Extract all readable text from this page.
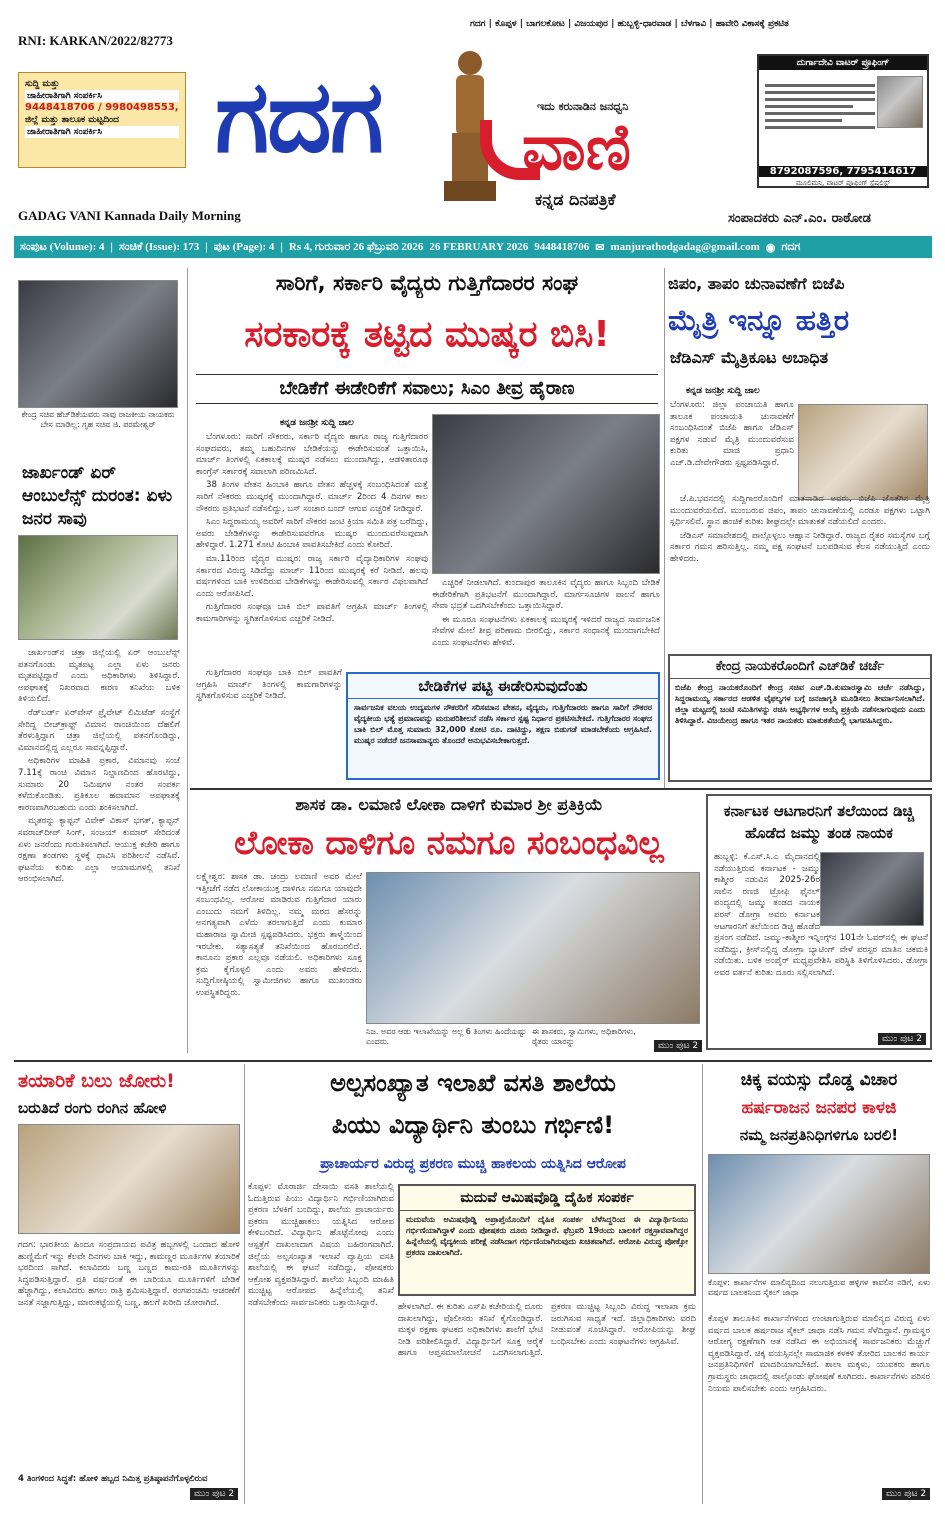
RNI: KARKAN/2022/82773
ಗದಗ | ಕೊಪ್ಪಳ | ಬಾಗಲಕೋಟ | ವಿಜಯಪುರ | ಹುಬ್ಬಳ್ಳಿ-ಧಾರವಾಡ | ಬೆಳಗಾವಿ | ಹಾವೇರಿ ವಿಕಾಸಕ್ಕೆ ಪ್ರಕಟಿತ
ಸುದ್ದಿ ಮತ್ತು
ಜಾಹೀರಾತಿಗಾಗಿ ಸಂಪರ್ಕಿಸಿ
9448418706 / 9980498553,
ಜಿಲ್ಲೆ ಮತ್ತು ತಾಲೂಕ ಮಟ್ಟದಿಂದ
ಜಾಹೀರಾತಿಗಾಗಿ ಸಂಪರ್ಕಿಸಿ	ಗದಗ	ಇದು ಕರುನಾಡಿನ ಜನಧ್ವನಿ
ವಾಣಿ
ಕನ್ನಡ ದಿನಪತ್ರಿಕೆ
ದುರ್ಗಾದೇವಿ ವಾಟರ್ ಪ್ರೂಫಿಂಗ್
8792087596, 7795414617
ಮೂಲಿಮನಿ, ವಾಟರ್ ಪ್ರೂಫಿಂಗ್ ಸ್ಪೆಷಲಿಸ್ಟ್
GADAG VANI Kannada Daily Morning	ಸಂಪಾದಕರು ಎನ್.ಎಂ. ರಾಠೋಡ
ಸಂಪುಟ (Volume): 4 | ಸಂಚಿಕೆ (Issue): 173 | ಪುಟ (Page): 4 | Rs 4, ಗುರುವಾರ 26 ಫೆಬ್ರುವರಿ 2026 26 FEBRUARY 2026 9448418706 ✉ manjurathodgadag@gmail.com ◉ ಗದಗ
ಕೇಂದ್ರ ಸಚಿವ ಹೆಚ್‌ಡಿಕೆಯವರು ನಾವು ರಾಜಕೀಯ ನಾಯಕರು ಬೇಸ ಮಾಡಿಲ್ಲ: ಗೃಹ ಸಚಿವ ಜಿ. ಪರಮೇಶ್ವರ್
ಜಾರ್ಖಂಡ್ ಏರ್ ಆಂಬುಲೆನ್ಸ್ ದುರಂತ: ಏಳು ಜನರ ಸಾವು

ಜಾರ್ಖಂಡ್‌ನ ಚತ್ರಾ ಜಿಲ್ಲೆಯಲ್ಲಿ ಏರ್ ಆಂಬುಲೆನ್ಸ್ ಪತನಗೊಂಡು ಮೃತಪಟ್ಟ ಎಲ್ಲಾ ಏಳು ಜನರು ಮೃತಪಟ್ಟಿದ್ದಾರೆ ಎಂದು ಅಧಿಕಾರಿಗಳು ತಿಳಿಸಿದ್ದಾರೆ. ಅಪಘಾತಕ್ಕೆ ನಿಖರವಾದ ಕಾರಣ ತನಿಖೆಯ ಬಳಿಕ ತಿಳಿಯಲಿದೆ.

ರೆಡ್‌ಬರ್ಡ್ ಏರ್‌ವೇಸ್ ಪ್ರೈವೇಟ್ ಲಿಮಿಟೆಡ್ ಸಂಸ್ಥೆಗೆ ಸೇರಿದ್ದ ಬೀಚ್‌ಕ್ರಾಫ್ಟ್ ವಿಮಾನ ರಾಂಚಿಯಿಂದ ದೆಹಲಿಗೆ ತೆರಳುತ್ತಿದ್ದಾಗ ಚತ್ರಾ ಜಿಲ್ಲೆಯಲ್ಲಿ ಪತನಗೊಂಡಿದ್ದು, ವಿಮಾನದಲ್ಲಿದ್ದ ಎಲ್ಲರೂ ಸಾವನ್ನಪ್ಪಿದ್ದಾರೆ.

ಅಧಿಕಾರಿಗಳ ಮಾಹಿತಿ ಪ್ರಕಾರ, ವಿಮಾನವು ಸಂಜೆ 7.11ಕ್ಕೆ ರಾಂಚಿ ವಿಮಾನ ನಿಲ್ದಾಣದಿಂದ ಹೊರಟಿದ್ದು, ಸುಮಾರು 20 ನಿಮಿಷಗಳ ನಂತರ ಸಂಪರ್ಕ ಕಳೆದುಕೊಂಡಿತು. ಪ್ರತಿಕೂಲ ಹವಾಮಾನ ಅಪಘಾತಕ್ಕೆ ಕಾರಣವಾಗಿರಬಹುದು ಎಂದು ಶಂಕಿಸಲಾಗಿದೆ.

ಮೃತರನ್ನು ಕ್ಯಾಪ್ಟನ್ ವಿವೇಕ್ ವಿಕಾಸ್ ಭಗತ್, ಕ್ಯಾಪ್ಟನ್ ಸವರಾಜ್‌ದೀಪ್ ಸಿಂಗ್, ಸಂಜಯ್ ಕುಮಾರ್ ಸೇರಿದಂತೆ ಏಳು ಜನರೆಂದು ಗುರುತಿಸಲಾಗಿದೆ. ಆಯುಕ್ತ ಕಚೇರಿ ಹಾಗೂ ರಕ್ಷಣಾ ತಂಡಗಳು ಸ್ಥಳಕ್ಕೆ ಧಾವಿಸಿ ಪರಿಶೀಲನೆ ನಡೆಸಿವೆ. ಘಟನೆಯ ಕುರಿತು ಎಲ್ಲಾ ಆಯಾಮಗಳಲ್ಲಿ ತನಿಖೆ ಆರಂಭಿಸಲಾಗಿದೆ.

ಸಾರಿಗೆ, ಸರ್ಕಾರಿ ವೈದ್ಯರು ಗುತ್ತಿಗೆದಾರರ ಸಂಘ
ಸರಕಾರಕ್ಕೆ ತಟ್ಟಿದ ಮುಷ್ಕರ ಬಿಸಿ!
ಬೇಡಿಕೆಗೆ ಈಡೇರಿಕೆಗೆ ಸವಾಲು; ಸಿಎಂ ತೀವ್ರ ಹೈರಾಣ
ಕನ್ನಡ ಜನಶ್ರೀ ಸುದ್ದಿ ಜಾಲ

ಬೆಂಗಳೂರು: ಸಾರಿಗೆ ನೌಕರರು, ಸರ್ಕಾರಿ ವೈದ್ಯರು ಹಾಗೂ ರಾಜ್ಯ ಗುತ್ತಿಗೆದಾರರ ಸಂಘದವರು, ತಮ್ಮ ಬಹುದಿನಗಳ ಬೇಡಿಕೆಯನ್ನು ಈಡೇರಿಸುವಂತೆ ಒತ್ತಾಯಿಸಿ, ಮಾರ್ಚ್ ತಿಂಗಳಲ್ಲಿ ಏಕಕಾಲಕ್ಕೆ ಮುಷ್ಕರ ನಡೆಸಲು ಮುಂದಾಗಿದ್ದು, ಆಡಳಿತಾರೂಢ ಕಾಂಗ್ರೆಸ್ ಸರ್ಕಾರಕ್ಕೆ ಸವಾಲಾಗಿ ಪರಿಣಮಿಸಿದೆ.

38 ತಿಂಗಳ ವೇತನ ಹಿಂಬಾಕಿ ಹಾಗೂ ವೇತನ ಹೆಚ್ಚಳಕ್ಕೆ ಸಂಬಂಧಿಸಿದಂತೆ ಮತ್ತೆ ಸಾರಿಗೆ ನೌಕರರು ಮುಷ್ಕರಕ್ಕೆ ಮುಂದಾಗಿದ್ದಾರೆ. ಮಾರ್ಚ್ 2ರಿಂದ 4 ದಿನಗಳ ಕಾಲ ನೌಕರರು ಪ್ರತಿಭಟನೆ ನಡೆಸಲಿದ್ದು, ಬಸ್ ಸಂಚಾರ ಬಂದ್ ಆಗುವ ಎಚ್ಚರಿಕೆ ನೀಡಿದ್ದಾರೆ.

ಸಿಎಂ ಸಿದ್ದರಾಮಯ್ಯ ಅವರಿಗೆ ಸಾರಿಗೆ ನೌಕರರ ಜಂಟಿ ಕ್ರಿಯಾ ಸಮಿತಿ ಪತ್ರ ಬರೆದಿದ್ದು, ಅವರು ಬೇಡಿಕೆಗಳನ್ನು ಈಡೇರಿಸುವವರೆಗೂ ಮುಷ್ಕರ ಮುಂದುವರೆಸುವುದಾಗಿ ಹೇಳಿದ್ದಾರೆ. 1.271 ಕೋಟಿ ಹಿಂಬಾಕಿ ಪಾವತಿಸಬೇಕಿದೆ ಎಂದು ಕೋರಿದೆ.

ಮಾ.11ರಿಂದ ವೈದ್ಯರ ಮುಷ್ಕರ: ರಾಜ್ಯ ಸರ್ಕಾರಿ ವೈದ್ಯಾಧಿಕಾರಿಗಳ ಸಂಘವು ಸರ್ಕಾರದ ವಿರುದ್ಧ ಸಿಡಿದೆದ್ದು ಮಾರ್ಚ್ 11ರಿಂದ ಮುಷ್ಕರಕ್ಕೆ ಕರೆ ನೀಡಿದೆ. ಹಲವು ವರ್ಷಗಳಿಂದ ಬಾಕಿ ಉಳಿದಿರುವ ಬೇಡಿಕೆಗಳನ್ನು ಈಡೇರಿಸುವಲ್ಲಿ ಸರ್ಕಾರ ವಿಫಲವಾಗಿದೆ ಎಂದು ಆರೋಪಿಸಿದೆ.

ಗುತ್ತಿಗೆದಾರರ ಸಂಘವೂ ಬಾಕಿ ಬಿಲ್ ಪಾವತಿಗೆ ಆಗ್ರಹಿಸಿ ಮಾರ್ಚ್ ತಿಂಗಳಲ್ಲಿ ಕಾಮಗಾರಿಗಳನ್ನು ಸ್ಥಗಿತಗೊಳಿಸುವ ಎಚ್ಚರಿಕೆ ನೀಡಿದೆ.

ಎಚ್ಚರಿಕೆ ನೀಡಲಾಗಿದೆ. ಕುಂದಾಪುರ ತಾಲೂಕಿನ ವೈದ್ಯರು ಹಾಗೂ ಸಿಬ್ಬಂದಿ ಬೇಡಿಕೆ ಈಡೇರಿಕೆಗಾಗಿ ಪ್ರತಿಭಟನೆಗೆ ಮುಂದಾಗಿದ್ದಾರೆ. ಮಾರ್ಗಸೂಚಿಗಳ ಪಾಲನೆ ಹಾಗೂ ಸೇವಾ ಭದ್ರತೆ ಒದಗಿಸಬೇಕೆಂದು ಒತ್ತಾಯಿಸಿದ್ದಾರೆ.

ಈ ಮೂರೂ ಸಂಘಟನೆಗಳು ಏಕಕಾಲಕ್ಕೆ ಮುಷ್ಕರಕ್ಕೆ ಇಳಿದರೆ ರಾಜ್ಯದ ಸಾರ್ವಜನಿಕ ಸೇವೆಗಳ ಮೇಲೆ ತೀವ್ರ ಪರಿಣಾಮ ಬೀರಲಿದ್ದು, ಸರ್ಕಾರ ಸಂಧಾನಕ್ಕೆ ಮುಂದಾಗಬೇಕಿದೆ ಎಂದು ಸಂಘಟನೆಗಳು ಹೇಳಿವೆ.

ಬೇಡಿಕೆಗಳ ಪಟ್ಟಿ ಈಡೇರಿಸುವುದೆಂತು
ಸಾರ್ವಜನಿಕ ವಲಯ ಉದ್ಯಮಗಳ ನೌಕರರಿಗೆ ಸರಿಸಮಾನ ವೇತನ, ವೈದ್ಯರು, ಗುತ್ತಿಗೆದಾರರು ಹಾಗೂ ಸಾರಿಗೆ ನೌಕರರ ವೈದ್ಯಕೀಯ ಭತ್ಯೆ ಪ್ರಮಾಣವನ್ನು ಮರುಪರಿಶೀಲನೆ ನಡೆಸಿ ಸರ್ಕಾರ ಸ್ಪಷ್ಟ ನಿರ್ಧಾರ ಪ್ರಕಟಿಸಬೇಕಿದೆ. ಗುತ್ತಿಗೆದಾರರ ಸಂಘದ ಬಾಕಿ ಬಿಲ್ ಮೊತ್ತ ಸುಮಾರು 32,000 ಕೋಟಿ ರೂ. ದಾಟಿದ್ದು, ತಕ್ಷಣ ಬಿಡುಗಡೆ ಮಾಡಬೇಕೆಂದು ಆಗ್ರಹಿಸಿದೆ. ಮುಷ್ಕರ ನಡೆದರೆ ಜನಸಾಮಾನ್ಯರು ತೊಂದರೆ ಅನುಭವಿಸಬೇಕಾಗುತ್ತದೆ.

ಗುತ್ತಿಗೆದಾರರ ಸಂಘವೂ ಬಾಕಿ ಬಿಲ್ ಪಾವತಿಗೆ ಆಗ್ರಹಿಸಿ ಮಾರ್ಚ್ ತಿಂಗಳಲ್ಲಿ ಕಾಮಗಾರಿಗಳನ್ನು ಸ್ಥಗಿತಗೊಳಿಸುವ ಎಚ್ಚರಿಕೆ ನೀಡಿದೆ.

ಜಿಪಂ, ತಾಪಂ ಚುನಾವಣೆಗೆ ಬಿಜೆಪಿ
ಮೈತ್ರಿ ಇನ್ನೂ ಹತ್ತಿರ
ಜೆಡಿಎಸ್ ಮೈತ್ರಿಕೂಟ ಅಬಾಧಿತ
ಕನ್ನಡ ಜನಶ್ರೀ ಸುದ್ದಿ ಜಾಲ
ಬೆಂಗಳೂರು: ಜಿಲ್ಲಾ ಪಂಚಾಯತಿ ಹಾಗೂ ತಾಲೂಕ ಪಂಚಾಯತಿ ಚುನಾವಣೆಗೆ ಸಂಬಂಧಿಸಿದಂತೆ ಬಿಜೆಪಿ ಹಾಗೂ ಜೆಡಿಎಸ್ ಪಕ್ಷಗಳ ನಡುವೆ ಮೈತ್ರಿ ಮುಂದುವರೆಸುವ ಕುರಿತು ಮಾಜಿ ಪ್ರಧಾನಿ ಎಚ್.ಡಿ.ದೇವೇಗೌಡರು ಸ್ಪಷ್ಟಪಡಿಸಿದ್ದಾರೆ.

ಜೆ.ಪಿ.ಭವನದಲ್ಲಿ ಸುದ್ದಿಗಾರರೊಂದಿಗೆ ಮಾತನಾಡಿದ ಅವರು, ಬಿಜೆಪಿ ಜೊತೆಗಿನ ಮೈತ್ರಿ ಮುಂದುವರೆಯಲಿದೆ. ಮುಂಬರುವ ಜಿಪಂ, ತಾಪಂ ಚುನಾವಣೆಯಲ್ಲಿ ಎರಡೂ ಪಕ್ಷಗಳು ಒಟ್ಟಾಗಿ ಸ್ಪರ್ಧಿಸಲಿವೆ. ಸ್ಥಾನ ಹಂಚಿಕೆ ಕುರಿತು ಶೀಘ್ರದಲ್ಲೇ ಮಾತುಕತೆ ನಡೆಯಲಿದೆ ಎಂದರು.

ಜೆಡಿಎಸ್ ಸಮಾವೇಶದಲ್ಲಿ ಪಾಲ್ಗೊಳ್ಳಲು ಆಹ್ವಾನ ನೀಡಿದ್ದಾರೆ. ರಾಜ್ಯದ ರೈತರ ಸಮಸ್ಯೆಗಳ ಬಗ್ಗೆ ಸರ್ಕಾರ ಗಮನ ಹರಿಸುತ್ತಿಲ್ಲ. ನಮ್ಮ ಪಕ್ಷ ಸಂಘಟನೆ ಬಲಪಡಿಸುವ ಕೆಲಸ ನಡೆಯುತ್ತಿದೆ ಎಂದು ಹೇಳಿದರು.

ಕೇಂದ್ರ ನಾಯಕರೊಂದಿಗೆ ಎಚ್‌ಡಿಕೆ ಚರ್ಚೆ
ಬಿಜೆಪಿ ಕೇಂದ್ರ ನಾಯಕರೊಂದಿಗೆ ಕೇಂದ್ರ ಸಚಿವ ಎಚ್.ಡಿ.ಕುಮಾರಸ್ವಾಮಿ ಚರ್ಚೆ ನಡೆಸಿದ್ದು, ಸಿದ್ದರಾಮಯ್ಯ ಸರ್ಕಾರದ ಆಡಳಿತ ವೈಫಲ್ಯಗಳ ಬಗ್ಗೆ ಜನಜಾಗೃತಿ ಮೂಡಿಸಲು ತೀರ್ಮಾನಿಸಲಾಗಿದೆ. ಜಿಲ್ಲಾ ಮಟ್ಟದಲ್ಲಿ ಜಂಟಿ ಸಮಿತಿಗಳನ್ನು ರಚಿಸಿ ಅಭ್ಯರ್ಥಿಗಳ ಆಯ್ಕೆ ಪ್ರಕ್ರಿಯೆ ನಡೆಸಲಾಗುವುದು ಎಂದು ತಿಳಿಸಿದ್ದಾರೆ. ವಿಜಯೇಂದ್ರ ಹಾಗೂ ಇತರ ನಾಯಕರು ಮಾತುಕತೆಯಲ್ಲಿ ಭಾಗವಹಿಸಿದ್ದರು.
ಶಾಸಕ ಡಾ. ಲಮಾಣಿ ಲೋಕಾ ದಾಳಿಗೆ ಕುಮಾರ ಶ್ರೀ ಪ್ರತಿಕ್ರಿಯೆ
ಲೋಕಾ ದಾಳಿಗೂ ನಮಗೂ ಸಂಬಂಧವಿಲ್ಲ
ಲಕ್ಷ್ಮೇಶ್ವರ: ಶಾಸಕ ಡಾ. ಚಂದ್ರು ಲಮಾಣಿ ಅವರ ಮೇಲೆ ಇತ್ತೀಚೆಗೆ ನಡೆದ ಲೋಕಾಯುಕ್ತ ದಾಳಿಗೂ ನಮಗೂ ಯಾವುದೇ ಸಂಬಂಧವಿಲ್ಲ. ಆರೋಪ ಮಾಡಿರುವ ಗುತ್ತಿಗೆದಾರ ಯಾರು ಎಂಬುದು ನಮಗೆ ತಿಳಿದಿಲ್ಲ. ನಮ್ಮ ಮಠದ ಹೆಸರನ್ನು ಅನಗತ್ಯವಾಗಿ ಎಳೆದು ತರಲಾಗುತ್ತಿದೆ ಎಂದು ಕುಮಾರ ಮಹಾರಾಜ ಸ್ವಾಮೀಜಿ ಸ್ಪಷ್ಟಪಡಿಸಿದರು. ಭಕ್ತರು ತಾಳ್ಮೆಯಿಂದ ಇರಬೇಕು. ಸತ್ಯಾಸತ್ಯತೆ ತನಿಖೆಯಿಂದ ಹೊರಬರಲಿದೆ. ಕಾನೂನು ಪ್ರಕಾರ ಎಲ್ಲವೂ ನಡೆಯಲಿ. ಅಧಿಕಾರಿಗಳು ಸೂಕ್ತ ಕ್ರಮ ಕೈಗೊಳ್ಳಲಿ ಎಂದು ಅವರು ಹೇಳಿದರು. ಸುದ್ದಿಗೋಷ್ಠಿಯಲ್ಲಿ ಸ್ವಾಮೀಜಿಗಳು ಹಾಗೂ ಮುಖಂಡರು ಉಪಸ್ಥಿತರಿದ್ದರು.
ನಿಜ. ಅವರ ಆಡು ಇಲಾಖೆಯನ್ನು ಅಲ್ಲ 6 ತಿಂಗಳು ಹಿಂದೆಯಷ್ಟು ಎಂದರು.
ಈ ಶಾಸಕರು, ಸ್ವಾಮಿಗಳು, ಅಧಿಕಾರಿಗಳು, ರೈತರು ಯಾರನ್ನು	ಮುಂ ಪುಟ 2
ಕರ್ನಾಟಕ ಆಟಗಾರನಿಗೆ ತಲೆಯಿಂದ ಡಿಚ್ಚಿ ಹೊಡೆದ ಜಮ್ಮು ತಂಡ ನಾಯಕ
ಹುಬ್ಬಳ್ಳಿ: ಕೆ.ಎಸ್.ಸಿ.ಎ ಮೈದಾನದಲ್ಲಿ ನಡೆಯುತ್ತಿರುವ ಕರ್ನಾಟಕ - ಜಮ್ಮು ಕಾಶ್ಮೀರ ನಡುವಿನ 2025-26ರ ಸಾಲಿನ ರಣಜಿ ಟ್ರೋಫಿ ಫೈನಲ್ ಪಂದ್ಯದಲ್ಲಿ ಜಮ್ಮು ತಂಡದ ನಾಯಕ ಪರಸ್ ಡೋಗ್ರಾ ಅವರು ಕರ್ನಾಟಕ ಆಟಗಾರನಿಗೆ ತಲೆಯಿಂದ ಡಿಚ್ಚಿ ಹೊಡೆದ ಪ್ರಸಂಗ ನಡೆದಿದೆ. ಜಮ್ಮು-ಕಾಶ್ಮೀರ ಇನ್ನಿಂಗ್ಸ್‌ನ 101ನೇ ಓವರ್‌ನಲ್ಲಿ ಈ ಘಟನೆ ನಡೆದಿದ್ದು, ಕ್ರೀಸ್‌ನಲ್ಲಿದ್ದ ಡೋಗ್ರಾ ಬ್ಯಾಟಿಂಗ್ ವೇಳೆ ಪರಸ್ಪರ ಮಾತಿನ ಚಕಮಕಿ ನಡೆಯಿತು. ಬಳಿಕ ಅಂಪೈರ್ ಮಧ್ಯಪ್ರವೇಶಿಸಿ ಪರಿಸ್ಥಿತಿ ತಿಳಿಗೊಳಿಸಿದರು. ಡೋಗ್ರಾ ಅವರ ವರ್ತನೆ ಕುರಿತು ದೂರು ಸಲ್ಲಿಸಲಾಗಿದೆ.
ಮುಂ ಪುಟ 2
ತಯಾರಿಕೆ ಬಲು ಜೋರು!
ಬರುತಿದೆ ರಂಗು ರಂಗಿನ ಹೋಳಿ
ಗದಗ: ಭಾರತೀಯ ಹಿಂದೂ ಸಂಪ್ರದಾಯದ ಪವಿತ್ರ ಹಬ್ಬಗಳಲ್ಲಿ ಒಂದಾದ ಹೋಳಿ ಹುಣ್ಣಿಮೆಗೆ ಇನ್ನು ಕೆಲವೇ ದಿನಗಳು ಬಾಕಿ ಇದ್ದು, ಕಾಮಣ್ಣರ ಮೂರ್ತಿಗಳ ತಯಾರಿಕೆ ಭರದಿಂದ ಸಾಗಿದೆ. ಕಲಾವಿದರು ಬಣ್ಣ ಬಣ್ಣದ ಕಾಮ-ರತಿ ಮೂರ್ತಿಗಳನ್ನು ಸಿದ್ಧಪಡಿಸುತ್ತಿದ್ದಾರೆ. ಪ್ರತಿ ವರ್ಷದಂತೆ ಈ ಬಾರಿಯೂ ಮೂರ್ತಿಗಳಿಗೆ ಬೇಡಿಕೆ ಹೆಚ್ಚಾಗಿದ್ದು, ಕಲಾವಿದರು ಹಗಲು ರಾತ್ರಿ ಶ್ರಮಿಸುತ್ತಿದ್ದಾರೆ. ರಂಗಪಂಚಮಿ ಆಚರಣೆಗೆ ಜನತೆ ಸಜ್ಜಾಗುತ್ತಿದ್ದು, ಮಾರುಕಟ್ಟೆಯಲ್ಲಿ ಬಣ್ಣ, ಹಲಗೆ ಖರೀದಿ ಜೋರಾಗಿದೆ.
4 ತಿಂಗಳಿಂದ ಸಿದ್ಧತೆ: ಹೋಳಿ ಹಬ್ಬದ ನಿಮಿತ್ತ ಪ್ರತಿಷ್ಠಾಪನೆಗೊಳ್ಳಲಿರುವ
ಮುಂ ಪುಟ 2
ಅಲ್ಪಸಂಖ್ಯಾತ ಇಲಾಖೆ ವಸತಿ ಶಾಲೆಯ
ಪಿಯು ವಿದ್ಯಾರ್ಥಿನಿ ತುಂಬು ಗರ್ಭಿಣಿ!
ಪ್ರಾಚಾರ್ಯರ ವಿರುದ್ಧ ಪ್ರಕರಣ ಮುಚ್ಚಿ ಹಾಕಲಯ ಯತ್ನಿಸಿದ ಆರೋಪ
ಕೊಪ್ಪಳ: ಮೊರಾರ್ಜಿ ದೇಸಾಯಿ ವಸತಿ ಶಾಲೆಯಲ್ಲಿ ಓದುತ್ತಿರುವ ಪಿಯು ವಿದ್ಯಾರ್ಥಿನಿ ಗರ್ಭಿಣಿಯಾಗಿರುವ ಪ್ರಕರಣ ಬೆಳಕಿಗೆ ಬಂದಿದ್ದು, ಶಾಲೆಯ ಪ್ರಾಚಾರ್ಯರು ಪ್ರಕರಣ ಮುಚ್ಚಿಹಾಕಲು ಯತ್ನಿಸಿದ ಆರೋಪ ಕೇಳಿಬಂದಿದೆ. ವಿದ್ಯಾರ್ಥಿನಿ ಹೊಟ್ಟೆನೋವು ಎಂದು ಆಸ್ಪತ್ರೆಗೆ ದಾಖಲಾದಾಗ ವಿಷಯ ಬಹಿರಂಗವಾಗಿದೆ. ಜಿಲ್ಲೆಯ ಅಲ್ಪಸಂಖ್ಯಾತ ಇಲಾಖೆ ವ್ಯಾಪ್ತಿಯ ವಸತಿ ಶಾಲೆಯಲ್ಲಿ ಈ ಘಟನೆ ನಡೆದಿದ್ದು, ಪೋಷಕರು ಆಕ್ರೋಶ ವ್ಯಕ್ತಪಡಿಸಿದ್ದಾರೆ. ಶಾಲೆಯ ಸಿಬ್ಬಂದಿ ಮಾಹಿತಿ ಮುಚ್ಚಿಟ್ಟ ಆರೋಪದ ಹಿನ್ನೆಲೆಯಲ್ಲಿ ತನಿಖೆ ನಡೆಸಬೇಕೆಂದು ಸಾರ್ವಜನಿಕರು ಒತ್ತಾಯಿಸಿದ್ದಾರೆ.
ಮದುವೆ ಆಮಿಷವೊಡ್ಡಿ ದೈಹಿಕ ಸಂಪರ್ಕ
ಮದುವೆಯ ಆಮಿಷವೊಡ್ಡಿ ಅಪ್ರಾಪ್ತೆಯೊಂದಿಗೆ ದೈಹಿಕ ಸಂಪರ್ಕ ಬೆಳೆಸಿದ್ದರಿಂದ ಈ ವಿದ್ಯಾರ್ಥಿನಿಯು ಗರ್ಭಿಣಿಯಾಗಿದ್ದಾಳೆ ಎಂದು ಪೋಷಕರು ದೂರು ನೀಡಿದ್ದಾರೆ. ಫೆಬ್ರವರಿ 19ರಂದು ಬಾಲಕಿಗೆ ರಕ್ತಸ್ರಾವವಾಗಿದ್ದರ ಹಿನ್ನೆಲೆಯಲ್ಲಿ ವೈದ್ಯಕೀಯ ಪರೀಕ್ಷೆ ನಡೆಸಿದಾಗ ಗರ್ಭಿಣಿಯಾಗಿರುವುದು ಖಚಿತವಾಗಿದೆ. ಆರೋಪಿ ವಿರುದ್ಧ ಪೋಕ್ಸೋ ಪ್ರಕರಣ ದಾಖಲಾಗಿದೆ.
ಹೇಳಲಾಗಿದೆ. ಈ ಕುರಿತು ಎಸ್‌ಪಿ ಕಚೇರಿಯಲ್ಲಿ ದೂರು ದಾಖಲಾಗಿದ್ದು, ಪೊಲೀಸರು ತನಿಖೆ ಕೈಗೊಂಡಿದ್ದಾರೆ. ಮಕ್ಕಳ ರಕ್ಷಣಾ ಘಟಕದ ಅಧಿಕಾರಿಗಳು ಶಾಲೆಗೆ ಭೇಟಿ ನೀಡಿ ಪರಿಶೀಲಿಸಿದ್ದಾರೆ. ವಿದ್ಯಾರ್ಥಿನಿಗೆ ಸೂಕ್ತ ಆರೈಕೆ ಹಾಗೂ ಆಪ್ತಸಮಾಲೋಚನೆ ಒದಗಿಸಲಾಗುತ್ತಿದೆ. ಪ್ರಕರಣ ಮುಚ್ಚಿಟ್ಟ ಸಿಬ್ಬಂದಿ ವಿರುದ್ಧ ಇಲಾಖಾ ಕ್ರಮ ಜರುಗಿಸುವ ಸಾಧ್ಯತೆ ಇದೆ. ಜಿಲ್ಲಾಧಿಕಾರಿಗಳು ವರದಿ ನೀಡುವಂತೆ ಸೂಚಿಸಿದ್ದಾರೆ. ಆರೋಪಿಯನ್ನು ಶೀಘ್ರ ಬಂಧಿಸಬೇಕು ಎಂದು ಸಂಘಟನೆಗಳು ಆಗ್ರಹಿಸಿವೆ.
ಚಿಕ್ಕ ವಯಸ್ಸು ದೊಡ್ಡ ವಿಚಾರ
ಹರ್ಷರಾಜನ ಜನಪರ ಕಾಳಜಿ
ನಮ್ಮ ಜನಪ್ರತಿನಿಧಿಗಳಿಗೂ ಬರಲಿ!
ಕೊಪ್ಪಳ: ಕಾರ್ಖಾನೆಗಳ ಮಾಲಿನ್ಯದಿಂದ ನಲುಗುತ್ತಿರುವ ಹಳ್ಳಿಗಳ ಕಾವಲಿನ ನಡಿಗೆ, ಏಳು ವರ್ಷದ ಬಾಲಕನಿಂದ ಸೈಕಲ್ ಜಾಥಾ
ಕೊಪ್ಪಳ ತಾಲೂಕಿನ ಕಾರ್ಖಾನೆಗಳಿಂದ ಉಂಟಾಗುತ್ತಿರುವ ಮಾಲಿನ್ಯದ ವಿರುದ್ಧ ಏಳು ವರ್ಷದ ಬಾಲಕ ಹರ್ಷರಾಜ ಸೈಕಲ್ ಜಾಥಾ ನಡೆಸಿ ಗಮನ ಸೆಳೆದಿದ್ದಾನೆ. ಗ್ರಾಮಸ್ಥರ ಆರೋಗ್ಯ ರಕ್ಷಣೆಗಾಗಿ ಆತ ನಡೆಸಿದ ಈ ಅಭಿಯಾನಕ್ಕೆ ಸಾರ್ವಜನಿಕರು ಮೆಚ್ಚುಗೆ ವ್ಯಕ್ತಪಡಿಸಿದ್ದಾರೆ. ಚಿಕ್ಕ ವಯಸ್ಸಿನಲ್ಲೇ ಸಾಮಾಜಿಕ ಕಳಕಳಿ ತೋರಿದ ಬಾಲಕನ ಕಾರ್ಯ ಜನಪ್ರತಿನಿಧಿಗಳಿಗೆ ಮಾದರಿಯಾಗಬೇಕಿದೆ. ಶಾಲಾ ಮಕ್ಕಳು, ಯುವಕರು ಹಾಗೂ ಗ್ರಾಮಸ್ಥರು ಜಾಥಾದಲ್ಲಿ ಪಾಲ್ಗೊಂಡು ಘೋಷಣೆ ಕೂಗಿದರು. ಕಾರ್ಖಾನೆಗಳು ಪರಿಸರ ನಿಯಮ ಪಾಲಿಸಬೇಕು ಎಂದು ಆಗ್ರಹಿಸಿದರು.
ಮುಂ ಪುಟ 2
